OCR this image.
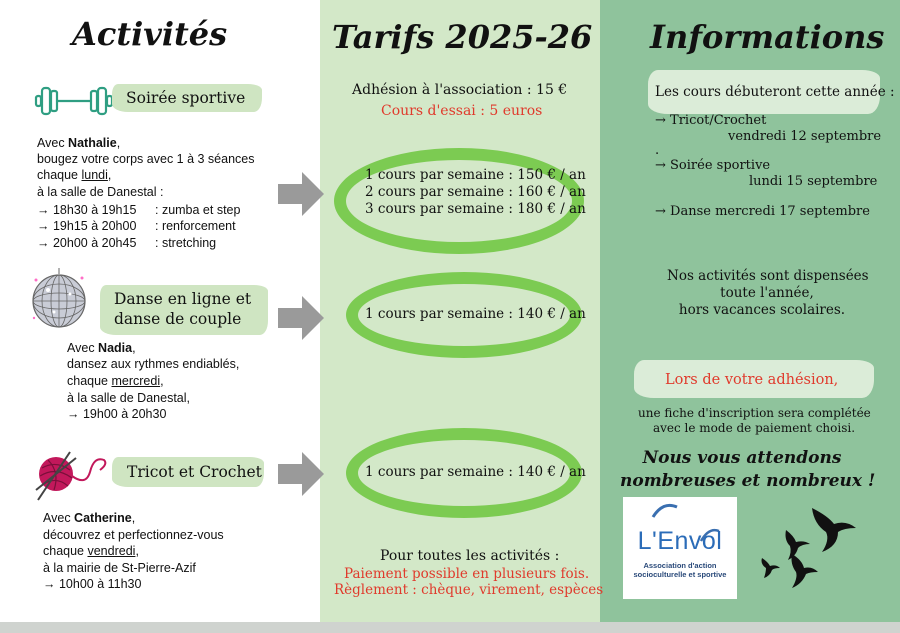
Activités
Soirée sportive
Avec Nathalie,
bougez votre corps avec 1 à 3 séances
chaque lundi,
à la salle de Danestal :
→ 18h30 à 19h15 : zumba et step
→ 19h15 à 20h00 : renforcement
→ 20h00 à 20h45 : stretching
Danse en ligne et
danse de couple
Avec Nadia,
dansez aux rythmes endiablés,
chaque mercredi,
à la salle de Danestal,
→ 19h00 à 20h30
Tricot et Crochet
Avec Catherine,
découvrez et perfectionnez-vous
chaque vendredi,
à la mairie de St-Pierre-Azif
→ 10h00 à 11h30
Tarifs 2025-26
Adhésion à l'association : 15 €
Cours d'essai : 5 euros
1 cours par semaine : 150 € / an
2 cours par semaine : 160 € / an
3 cours par semaine : 180 € / an
1 cours par semaine : 140 € / an
1 cours par semaine : 140 € / an
Pour toutes les activités :
Paiement possible en plusieurs fois.
Règlement : chèque, virement, espèces
Informations
Les cours débuteront cette année :
→ Tricot/Crochet
vendredi 12 septembre
.
→ Soirée sportive
lundi 15 septembre
→ Danse mercredi 17 septembre
Nos activités sont dispensées
toute l'année,
hors vacances scolaires.
Lors de votre adhésion,
une fiche d'inscription sera complétée
avec le mode de paiement choisi.
Nous vous attendons
nombreuses et nombreux !
L'Envol
Association d'action
socioculturelle et sportive
